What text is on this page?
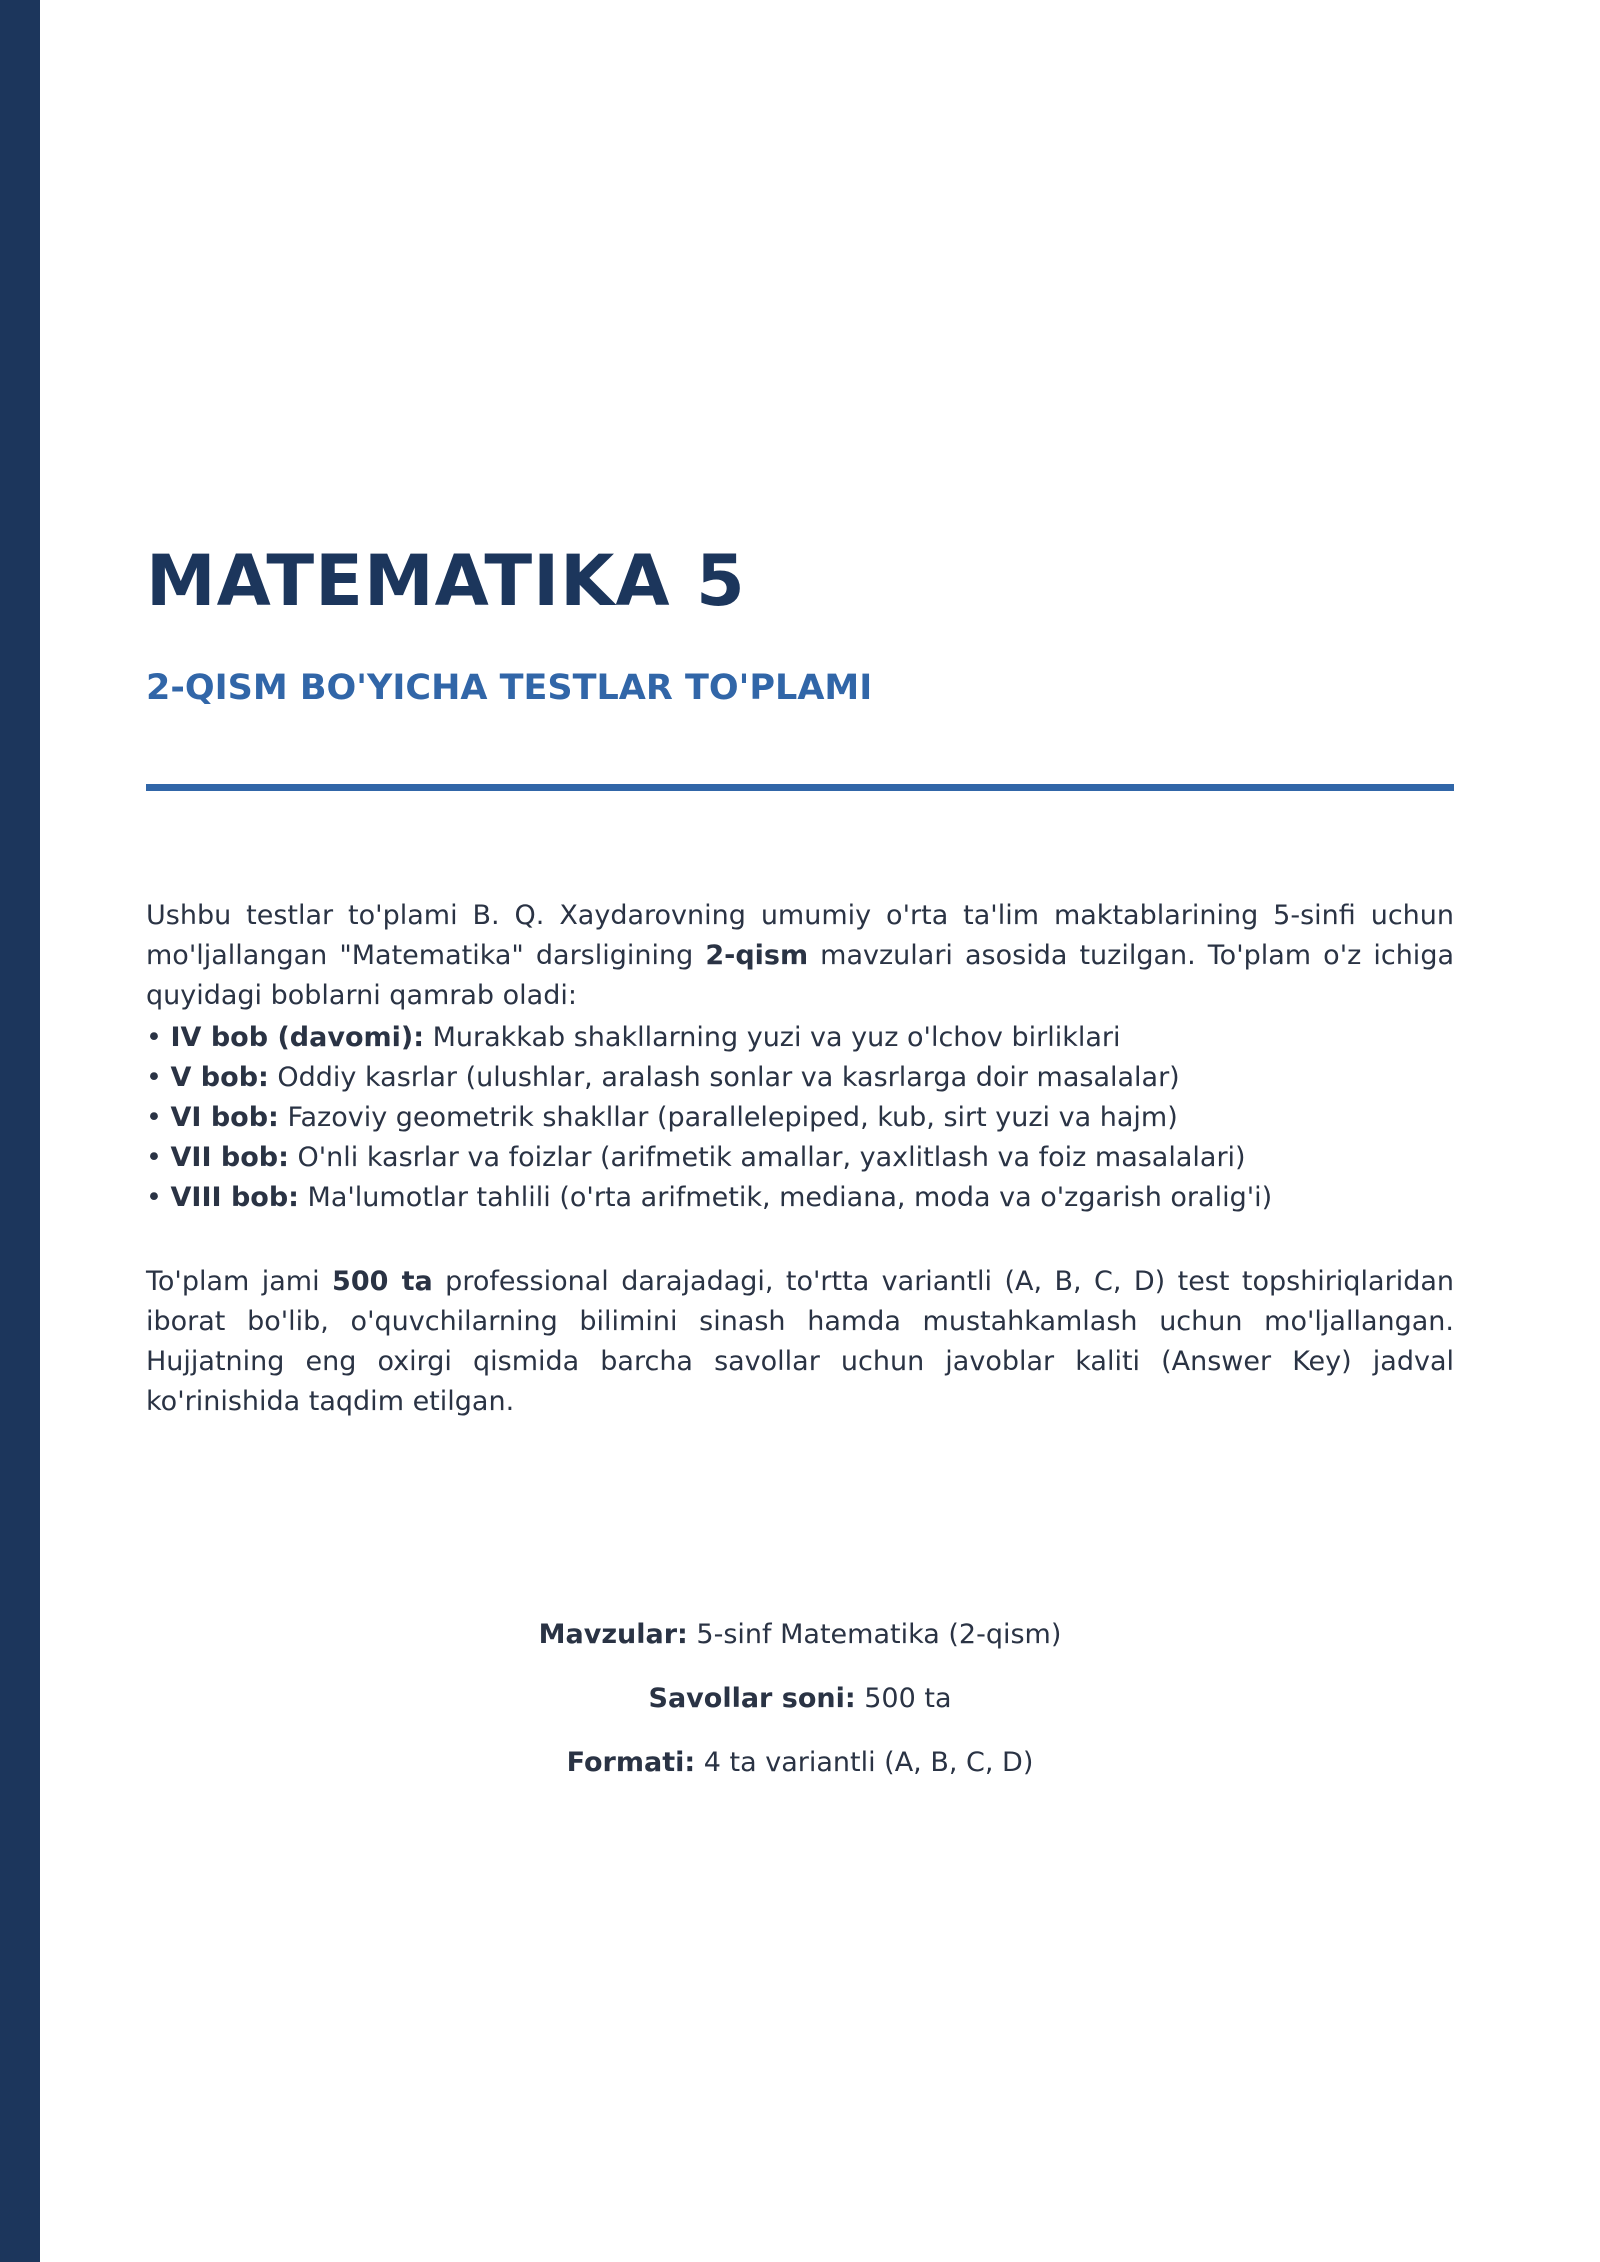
MATEMATIKA 5
2-QISM BO'YICHA TESTLAR TO'PLAMI

Ushbu testlar to'plami B. Q. Xaydarovning umumiy o'rta ta'lim maktablarining 5-sinfi uchun mo'ljallangan "Matematika" darsligining 2-qism mavzulari asosida tuzilgan. To'plam o'z ichiga quyidagi boblarni qamrab oladi:

• IV bob (davomi): Murakkab shakllarning yuzi va yuz o'lchov birliklari
• V bob: Oddiy kasrlar (ulushlar, aralash sonlar va kasrlarga doir masalalar)
• VI bob: Fazoviy geometrik shakllar (parallelepiped, kub, sirt yuzi va hajm)
• VII bob: O'nli kasrlar va foizlar (arifmetik amallar, yaxlitlash va foiz masalalari)
• VIII bob: Ma'lumotlar tahlili (o'rta arifmetik, mediana, moda va o'zgarish oralig'i)

To'plam jami 500 ta professional darajadagi, to'rtta variantli (A, B, C, D) test topshiriqlaridan iborat bo'lib, o'quvchilarning bilimini sinash hamda mustahkamlash uchun mo'ljallangan. Hujjatning eng oxirgi qismida barcha savollar uchun javoblar kaliti (Answer Key) jadval ko'rinishida taqdim etilgan.

Mavzular: 5-sinf Matematika (2-qism)
Savollar soni: 500 ta
Formati: 4 ta variantli (A, B, C, D)
